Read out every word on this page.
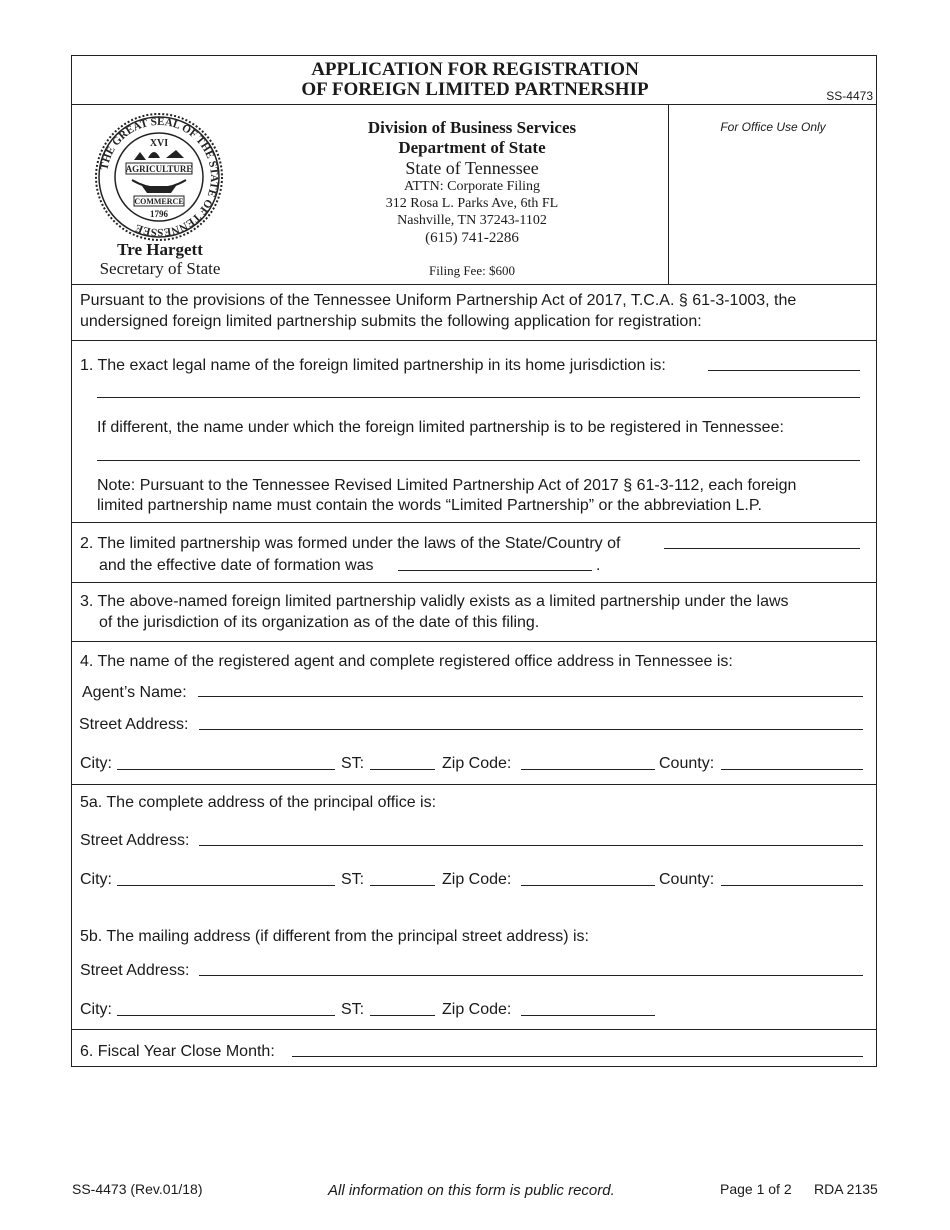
APPLICATION FOR REGISTRATION
OF FOREIGN LIMITED PARTNERSHIP	SS-4473
THE GREAT SEAL OF THE STATE OF TENNESSEE
XVI
AGRICULTURE
COMMERCE
1796
Tre Hargett
Secretary of State
Division of Business Services
Department of State
State of Tennessee
ATTN: Corporate Filing
312 Rosa L. Parks Ave, 6th FL
Nashville, TN 37243-1102
(615) 741-2286
Filing Fee: $600
For Office Use Only
Pursuant to the provisions of the Tennessee Uniform Partnership Act of 2017, T.C.A. § 61-3-1003, the
undersigned foreign limited partnership submits the following application for registration:
1. The exact legal name of the foreign limited partnership in its home jurisdiction is:
If different, the name under which the foreign limited partnership is to be registered in Tennessee:
Note: Pursuant to the Tennessee Revised Limited Partnership Act of 2017 § 61-3-112, each foreign
limited partnership name must contain the words “Limited Partnership” or the abbreviation L.P.
2. The limited partnership was formed under the laws of the State/Country of
and the effective date of formation was	.
3. The above-named foreign limited partnership validly exists as a limited partnership under the laws
of the jurisdiction of its organization as of the date of this filing.
4. The name of the registered agent and complete registered office address in Tennessee is:
Agent’s Name:
Street Address:
City:	ST:	Zip Code:	County:
5a. The complete address of the principal office is:
Street Address:
City:	ST:	Zip Code:	County:
5b. The mailing address (if different from the principal street address) is:
Street Address:
City:	ST:	Zip Code:
6. Fiscal Year Close Month:
SS-4473 (Rev.01/18)	All information on this form is public record.	Page 1 of 2 RDA 2135
